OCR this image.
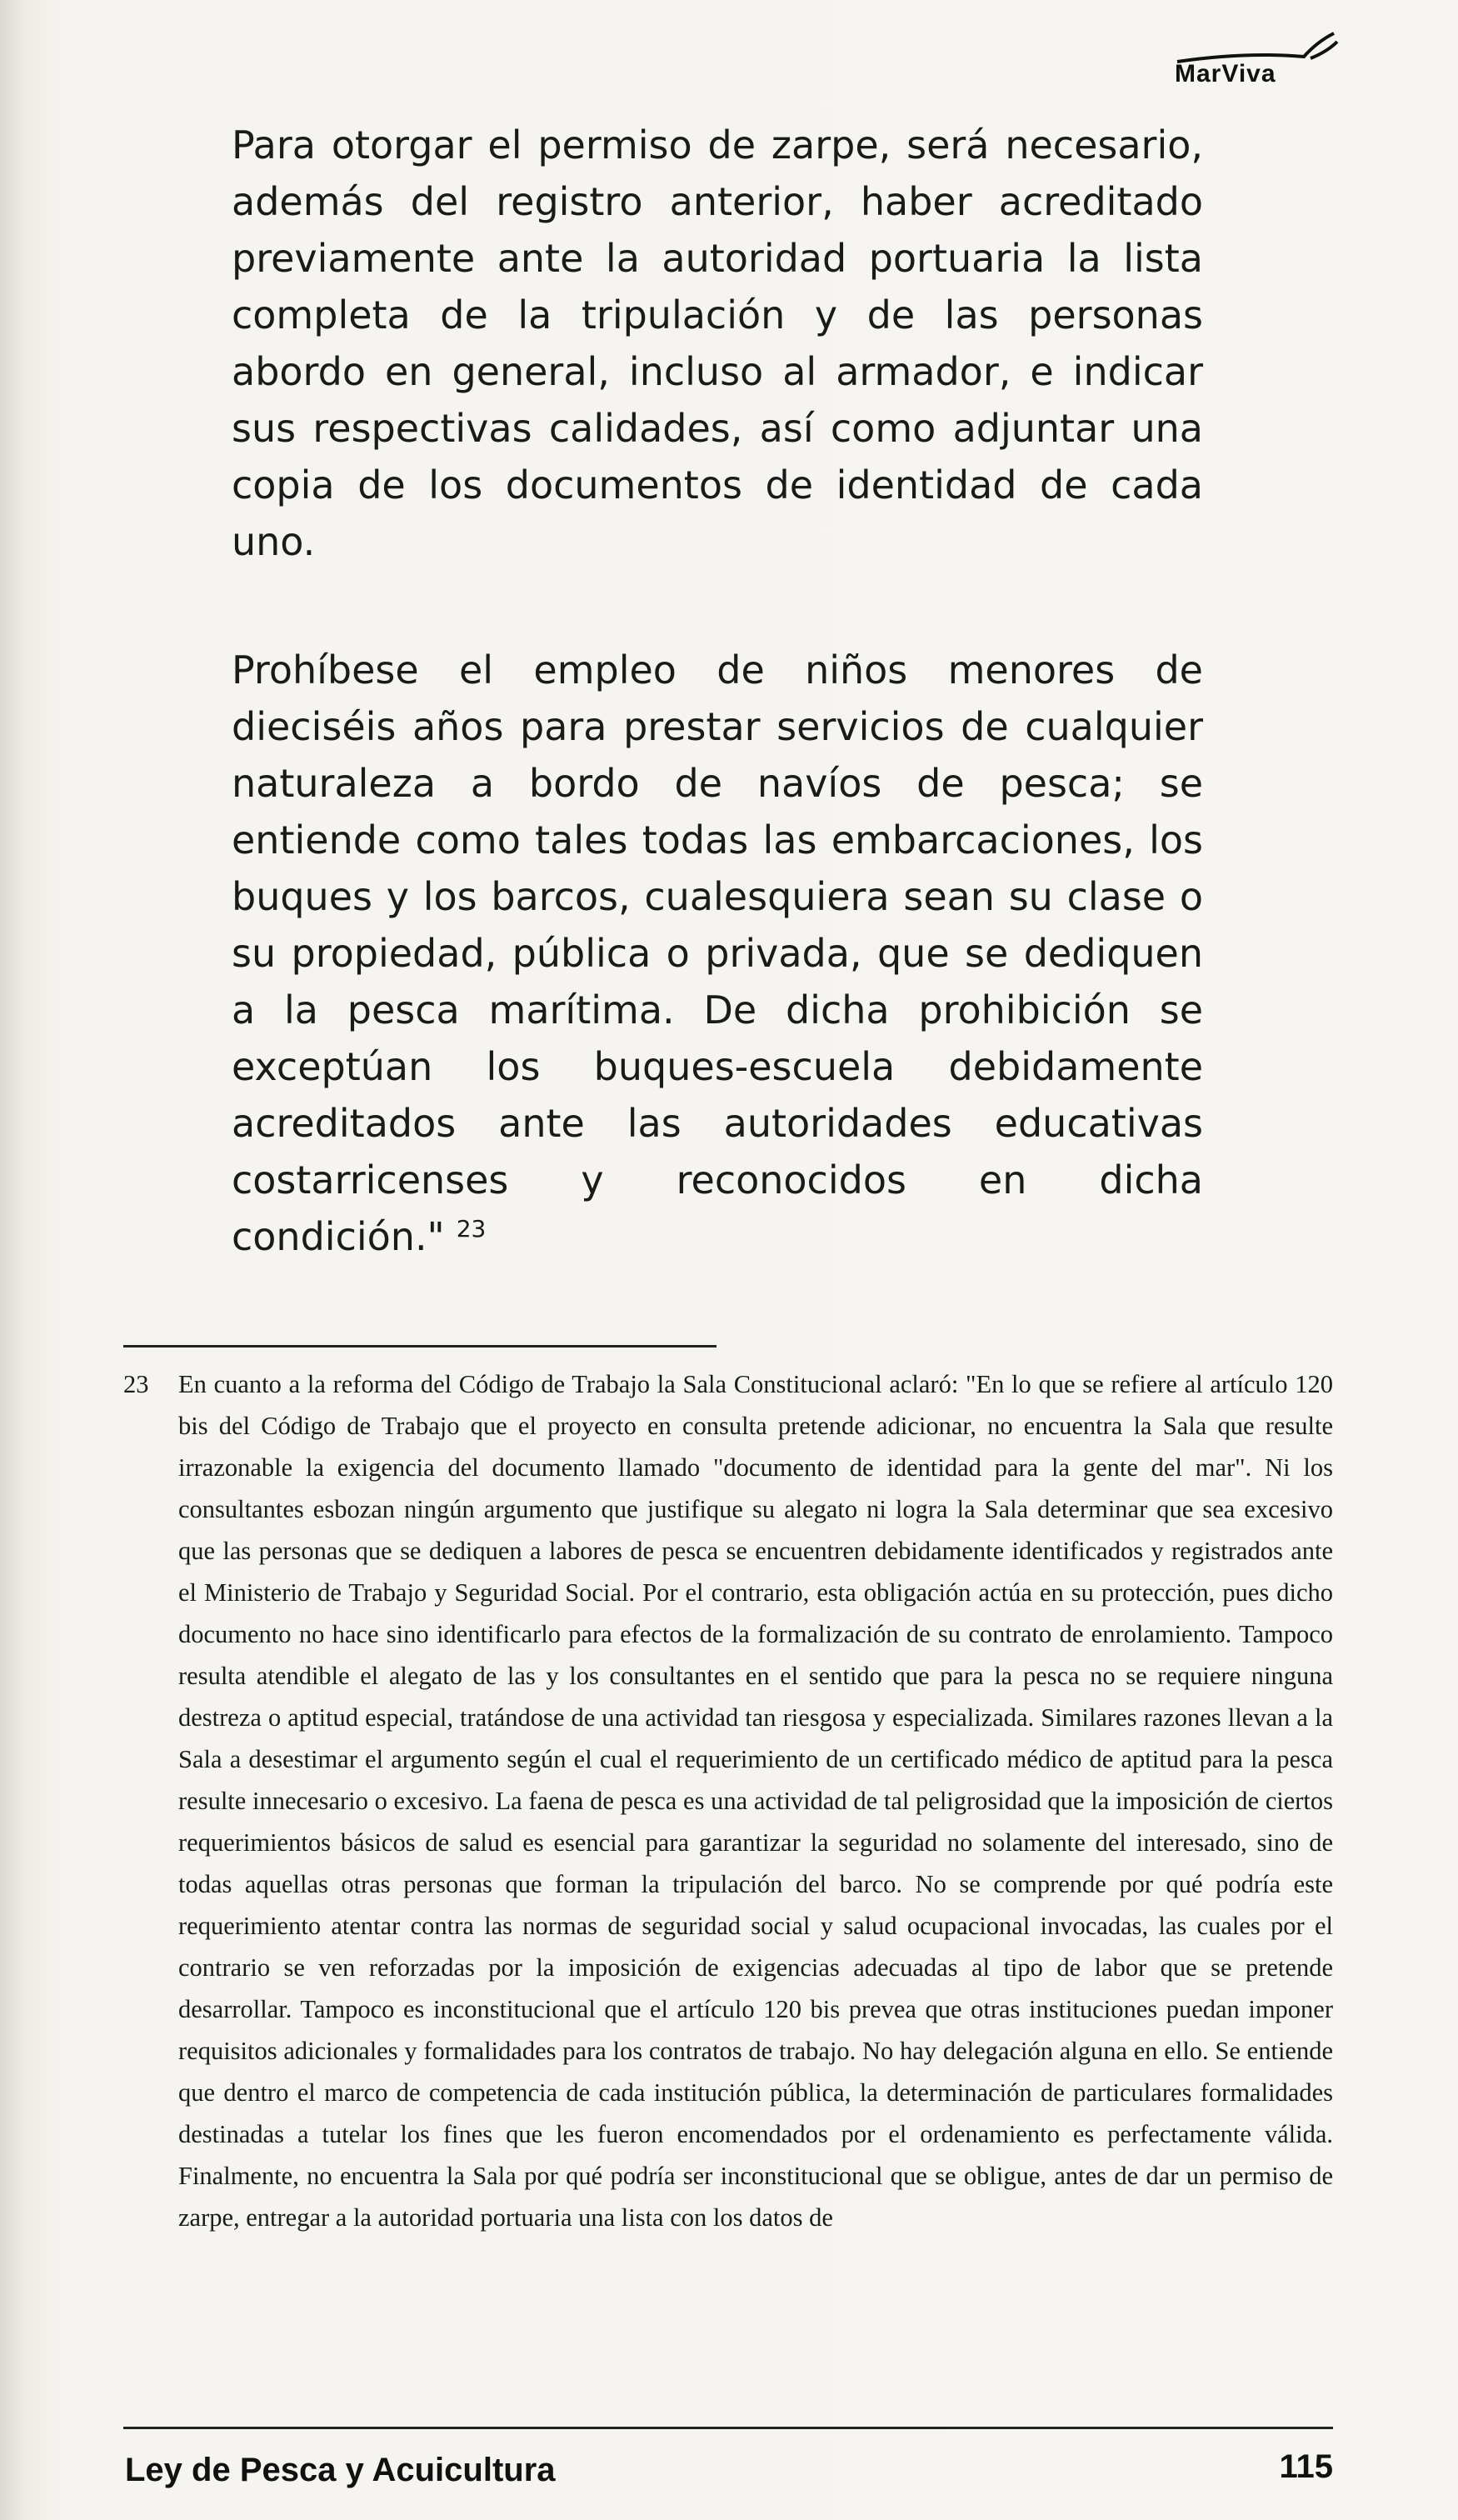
MarViva

Para otorgar el permiso de zarpe, será necesario, además del registro anterior, haber acreditado previamente ante la autoridad portuaria la lista completa de la tripulación y de las personas abordo en general, incluso al armador, e indicar sus respectivas calidades, así como adjuntar una copia de los documentos de identidad de cada uno.

Prohíbese el empleo de niños menores de dieciséis años para prestar servicios de cualquier naturaleza a bordo de navíos de pesca; se entiende como tales todas las embarcaciones, los buques y los barcos, cualesquiera sean su clase o su propiedad, pública o privada, que se dediquen a la pesca marítima. De dicha prohibición se exceptúan los buques-escuela debidamente acreditados ante las autoridades educativas costarricenses y reconocidos en dicha condición." $^{23}$

23 En cuanto a la reforma del Código de Trabajo la Sala Constitucional aclaró: "En lo que se refiere al artículo 120 bis del Código de Trabajo que el proyecto en consulta pretende adicionar, no encuentra la Sala que resulte irrazonable la exigencia del documento llamado "documento de identidad para la gente del mar". Ni los consultantes esbozan ningún argumento que justifique su alegato ni logra la Sala determinar que sea excesivo que las personas que se dediquen a labores de pesca se encuentren debidamente identificados y registrados ante el Ministerio de Trabajo y Seguridad Social. Por el contrario, esta obligación actúa en su protección, pues dicho documento no hace sino identificarlo para efectos de la formalización de su contrato de enrolamiento. Tampoco resulta atendible el alegato de las y los consultantes en el sentido que para la pesca no se requiere ninguna destreza o aptitud especial, tratándose de una actividad tan riesgosa y especializada. Similares razones llevan a la Sala a desestimar el argumento según el cual el requerimiento de un certificado médico de aptitud para la pesca resulte innecesario o excesivo. La faena de pesca es una actividad de tal peligrosidad que la imposición de ciertos requerimientos básicos de salud es esencial para garantizar la seguridad no solamente del interesado, sino de todas aquellas otras personas que forman la tripulación del barco. No se comprende por qué podría este requerimiento atentar contra las normas de seguridad social y salud ocupacional invocadas, las cuales por el contrario se ven reforzadas por la imposición de exigencias adecuadas al tipo de labor que se pretende desarrollar. Tampoco es inconstitucional que el artículo 120 bis prevea que otras instituciones puedan imponer requisitos adicionales y formalidades para los contratos de trabajo. No hay delegación alguna en ello. Se entiende que dentro el marco de competencia de cada institución pública, la determinación de particulares formalidades destinadas a tutelar los fines que les fueron encomendados por el ordenamiento es perfectamente válida. Finalmente, no encuentra la Sala por qué podría ser inconstitucional que se obligue, antes de dar un permiso de zarpe, entregar a la autoridad portuaria una lista con los datos de
Ley de Pesca y Acuicultura	115
